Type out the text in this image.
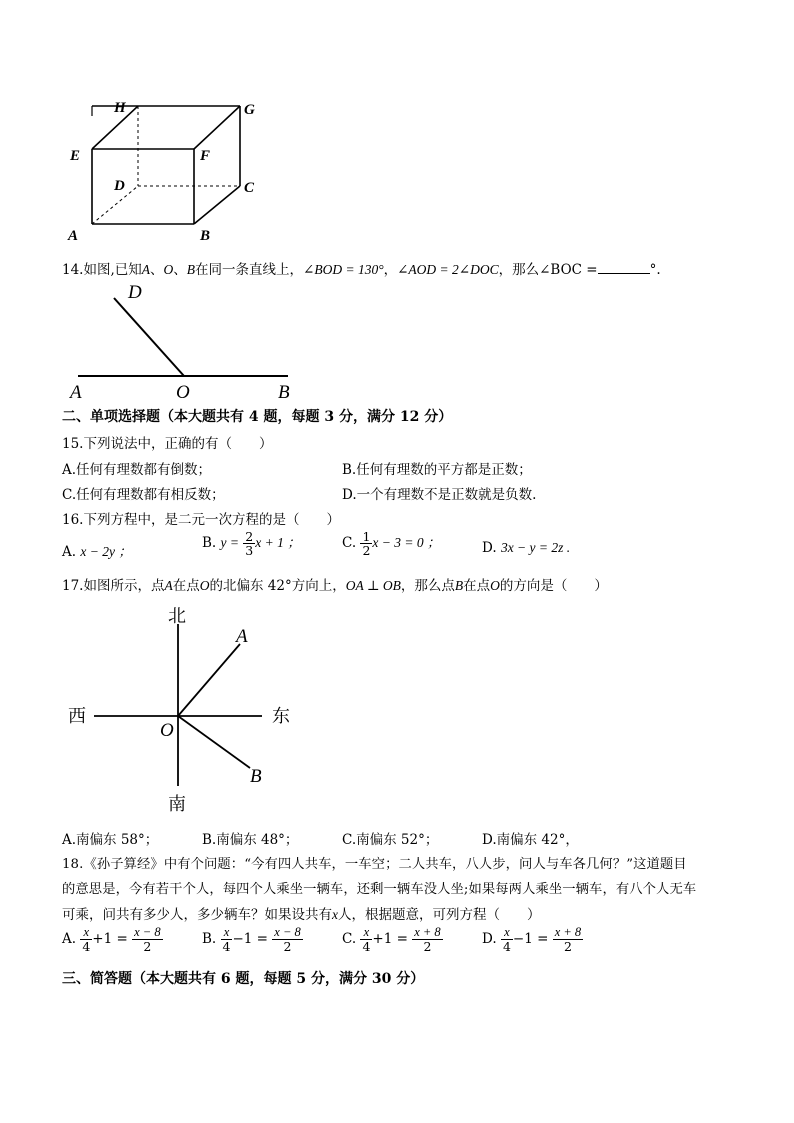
H	G
E	F
D	C
A	B
14.如图,已知A、O、B在同一条直线上，∠BOD = 130°，∠AOD = 2∠DOC，那么∠BOC =	°.
D
A	O	B
二、单项选择题（本大题共有 4 题，每题 3 分，满分 12 分）
15.下列说法中，正确的有（　　）
A.任何有理数都有倒数；	B.任何有理数的平方都是正数；
C.任何有理数都有相反数；	D.一个有理数不是正数就是负数.
16.下列方程中，是二元一次方程的是（　　）
A. x − 2y ；
B. $y = \frac{2}{3}$ x + 1 ；	C. $\frac{1}{2}$ x − 3 = 0 ；	D. 3x − y = 2z .
17.如图所示，点A在点O的北偏东 42°方向上，OA ⊥ OB，那么点B在点O的方向是（　　）
北
南
西	东
A
B
O
A.南偏东 58°；	B.南偏东 48°；	C.南偏东 52°；	D.南偏东 42°，
18.《孙子算经》中有个问题：“今有四人共车，一车空；二人共车，八人步，问人与车各几何？”这道题目
的意思是，今有若干个人，每四个人乘坐一辆车，还剩一辆车没人坐;如果每两人乘坐一辆车，有八个人无车
可乘，问共有多少人，多少辆车？如果设共有x人，根据题意，可列方程（　　）
A. $\frac{x}{4} +1 = \frac{x - 8}{2}$	B. $\frac{x}{4} -1 = \frac{x - 8}{2}$	C. $\frac{x}{4} +1 = \frac{x + 8}{2}$	D. $\frac{x}{4} -1 = \frac{x + 8}{2}$
三、简答题（本大题共有 6 题，每题 5 分，满分 30 分）
